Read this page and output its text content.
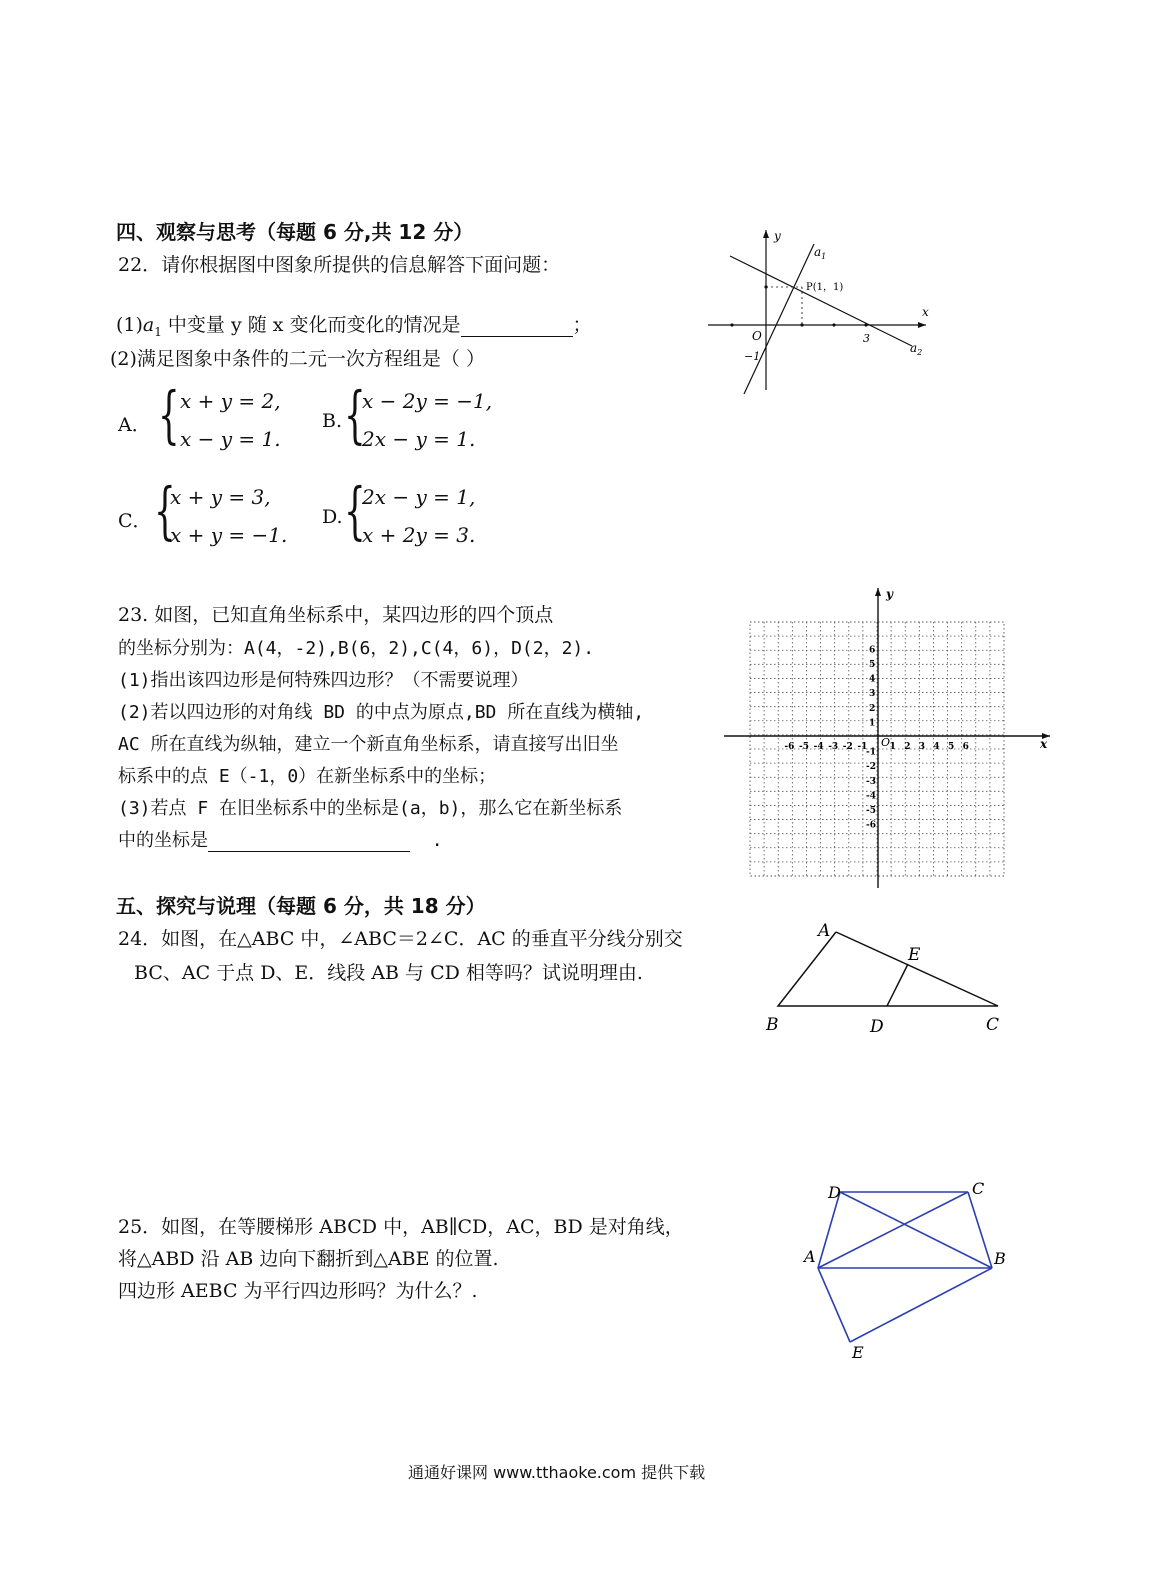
四、观察与思考（每题 6 分,共 12 分）
22．请你根据图中图象所提供的信息解答下面问题：
$(1)a_1$ 中变量 y 随 x 变化而变化的情况是	；
(2)满足图象中条件的二元一次方程组是（ ）
A． { x + y = 2,
x − y = 1.
B. {
x − 2y = −1,
2x − y = 1.
C． {
x + y = 3,
x + y = −1.
D. {
2x − y = 1,
x + 2y = 3.
y
x
O
$a_1$
$a_2$
P(1，1)
3
−1
23. 如图，已知直角坐标系中，某四边形的四个顶点
的坐标分别为：A(4，-2),B(6，2),C(4，6)，D(2，2).
(1)指出该四边形是何特殊四边形？（不需要说理）
(2)若以四边形的对角线 BD 的中点为原点,BD 所在直线为横轴,
AC 所在直线为纵轴，建立一个新直角坐标系，请直接写出旧坐
标系中的点 E（-1，0）在新坐标系中的坐标；
(3)若点 F 在旧坐标系中的坐标是(a，b)，那么它在新坐标系
中的坐标是	.
y
x
O
-6 -5 -4 -3 -2 -1 1 2 3 4 5 6
6
5
4
3
2
1
-1
-2
-3
-4
-5
-6
五、探究与说理（每题 6 分，共 18 分）
24．如图，在△ABC 中，∠ABC＝2∠C．AC 的垂直平分线分别交
BC、AC 于点 D、E．线段 AB 与 CD 相等吗？试说明理由.
A
B	C
D
E
25．如图，在等腰梯形 ABCD 中，AB∥CD，AC，BD 是对角线，
将△ABD 沿 AB 边向下翻折到△ABE 的位置.
四边形 AEBC 为平行四边形吗？为什么？.
D	C
A	B
E
通通好课网 www.tthaoke.com 提供下载
